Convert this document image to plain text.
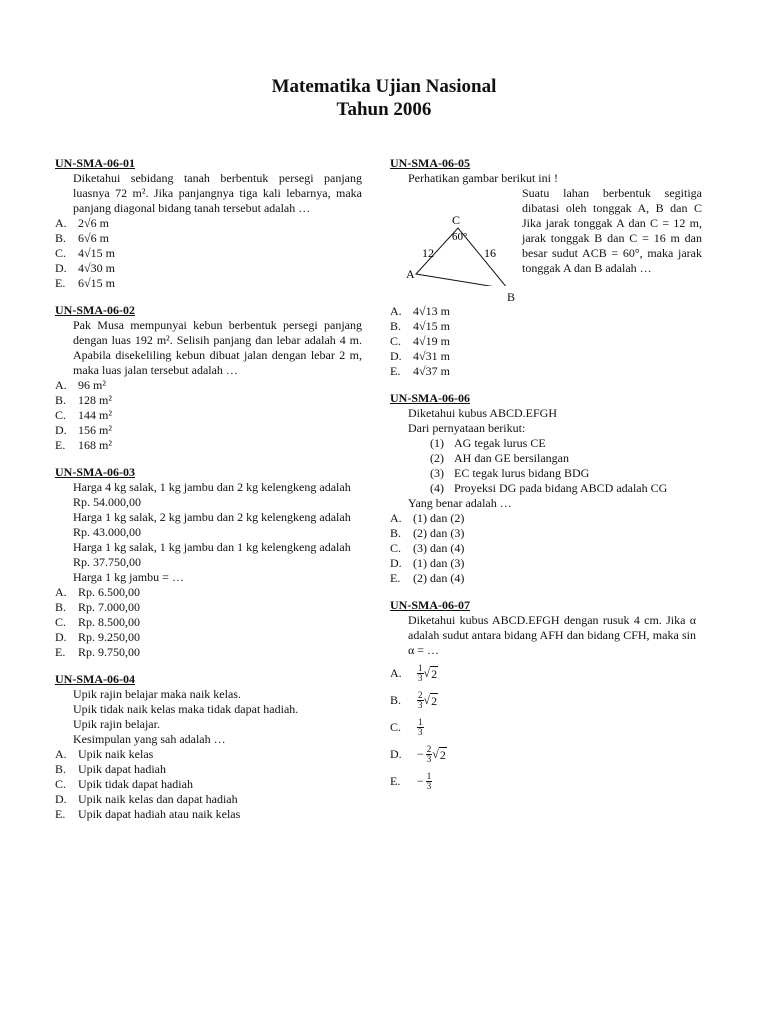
Matematika Ujian Nasional
Tahun 2006
UN-SMA-06-01
Diketahui sebidang tanah berbentuk persegi panjang luasnya 72 m². Jika panjangnya tiga kali lebarnya, maka panjang diagonal bidang tanah tersebut adalah …
A. 2√6 m
B. 6√6 m
C. 4√15 m
D. 4√30 m
E.	6√15 m
UN-SMA-06-02
Pak Musa mempunyai kebun berbentuk persegi panjang dengan luas 192 m². Selisih panjang dan lebar adalah 4 m. Apabila disekeliling kebun dibuat jalan dengan lebar 2 m, maka luas jalan tersebut adalah …
A. 96 m²
B. 128 m²
C. 144 m²
D. 156 m²
E.	168 m²
UN-SMA-06-03

Harga 4 kg salak, 1 kg jambu dan 2 kg kelengkeng adalah Rp. 54.000,00

Harga 1 kg salak, 2 kg jambu dan 2 kg kelengkeng adalah Rp. 43.000,00

Harga 1 kg salak, 1 kg jambu dan 1 kg kelengkeng adalah Rp. 37.750,00

Harga 1 kg jambu = …

A. Rp. 6.500,00
B. Rp. 7.000,00
C. Rp. 8.500,00
D. Rp. 9.250,00
E.	Rp. 9.750,00
UN-SMA-06-04

Upik rajin belajar maka naik kelas.

Upik tidak naik kelas maka tidak dapat hadiah.

Upik rajin belajar.

Kesimpulan yang sah adalah …

A. Upik naik kelas
B. Upik dapat hadiah
C. Upik tidak dapat hadiah
D. Upik naik kelas dan dapat hadiah
E.	Upik dapat hadiah atau naik kelas
UN-SMA-06-05

Perhatikan gambar berikut ini !

C
60°
12	16
A
Suatu lahan berbentuk segitiga dibatasi oleh tonggak A, B dan C Jika jarak tonggak A dan C = 12 m, jarak tonggak B dan C = 16 m dan besar sudut ACB = 60°, maka jarak tonggak A dan B adalah …
B
A. 4√13 m
B. 4√15 m
C. 4√19 m
D. 4√31 m
E.	4√37 m
UN-SMA-06-06

Diketahui kubus ABCD.EFGH

Dari pernyataan berikut:

(1) AG tegak lurus CE
(2) AH dan GE bersilangan
(3) EC tegak lurus bidang BDG
(4) Proyeksi DG pada bidang ABCD adalah CG

Yang benar adalah …

A. (1) dan (2)
B. (2) dan (3)
C. (3) dan (4)
D. (1) dan (3)
E.	(2) dan (4)
UN-SMA-06-07
Diketahui kubus ABCD.EFGH dengan rusuk 4 cm. Jika α adalah sudut antara bidang AFH dan bidang CFH, maka sin α = …
A.	$\frac{1}{3}$ √ 2
B.	$\frac{2}{3}$ √ 2
C.	$\frac{1}{3}$
D.	− $\frac{2}{3}$ √ 2
E.	− $\frac{1}{3}$
